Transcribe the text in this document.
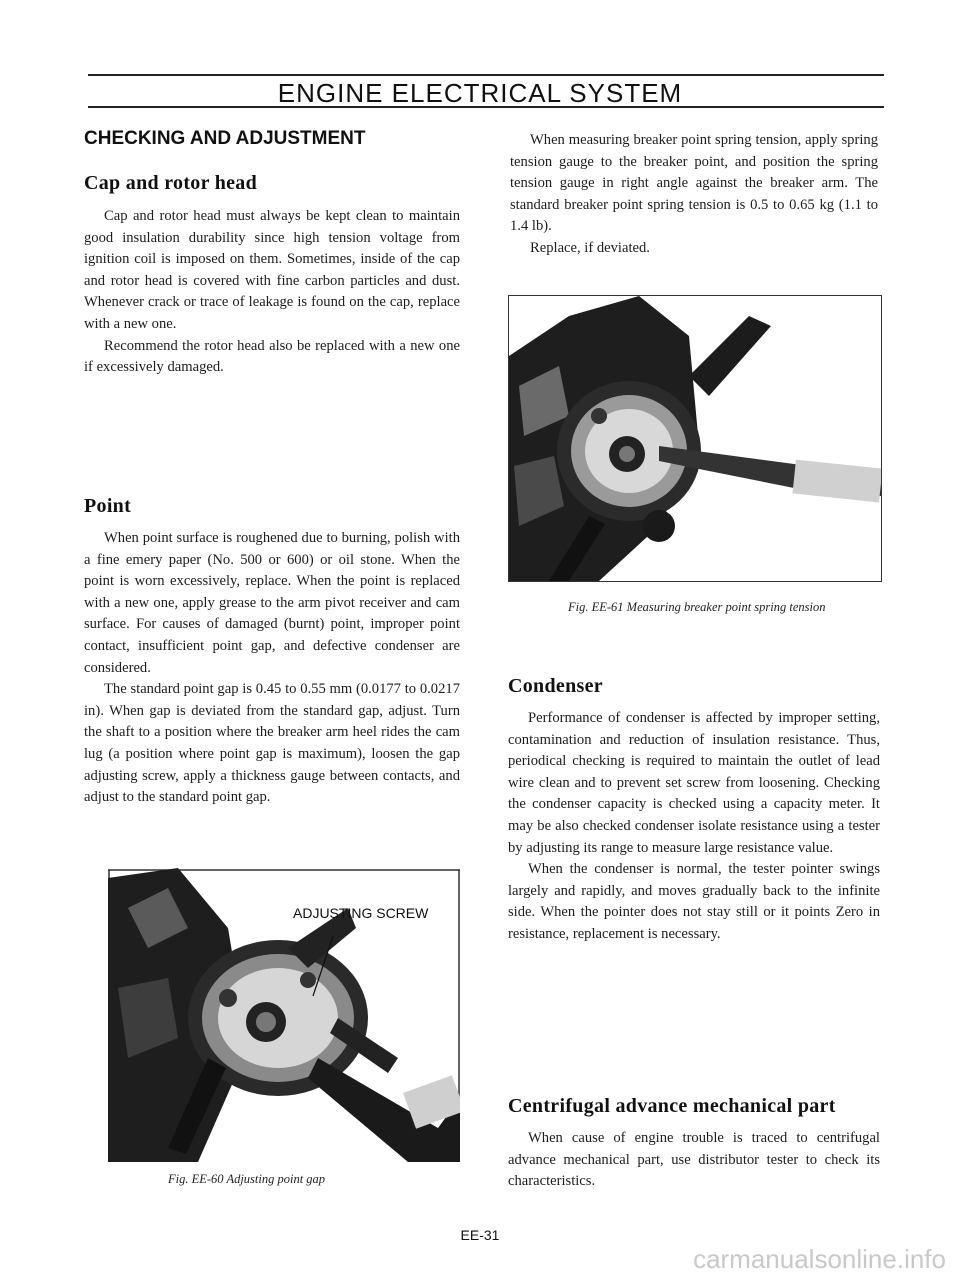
ENGINE ELECTRICAL SYSTEM
CHECKING AND ADJUSTMENT
Cap and rotor head

Cap and rotor head must always be kept clean to maintain good insulation durability since high tension voltage from ignition coil is imposed on them. Sometimes, inside of the cap and rotor head is covered with fine carbon particles and dust. Whenever crack or trace of leakage is found on the cap, replace with a new one.

Recommend the rotor head also be replaced with a new one if excessively damaged.

Point

When point surface is roughened due to burning, polish with a fine emery paper (No. 500 or 600) or oil stone. When the point is worn excessively, replace. When the point is replaced with a new one, apply grease to the arm pivot receiver and cam surface. For causes of damaged (burnt) point, improper point contact, insufficient point gap, and defective condenser are considered.

The standard point gap is 0.45 to 0.55 mm (0.0177 to 0.0217 in). When gap is deviated from the standard gap, adjust. Turn the shaft to a position where the breaker arm heel rides the cam lug (a position where point gap is maximum), loosen the gap adjusting screw, apply a thickness gauge between contacts, and adjust to the standard point gap.

ADJUSTING SCREW
Fig. EE-60 Adjusting point gap

When measuring breaker point spring tension, apply spring tension gauge to the breaker point, and position the spring tension gauge in right angle against the breaker arm. The standard breaker point spring tension is 0.5 to 0.65 kg (1.1 to 1.4 lb).

Replace, if deviated.

Fig. EE-61 Measuring breaker point spring tension
Condenser

Performance of condenser is affected by improper setting, contamination and reduction of insulation resistance. Thus, periodical checking is required to maintain the outlet of lead wire clean and to prevent set screw from loosening. Checking the condenser capacity is checked using a capacity meter. It may be also checked condenser isolate resistance using a tester by adjusting its range to measure large resistance value.

When the condenser is normal, the tester pointer swings largely and rapidly, and moves gradually back to the infinite side. When the pointer does not stay still or it points Zero in resistance, replacement is necessary.

Centrifugal advance mechanical part

When cause of engine trouble is traced to centrifugal advance mechanical part, use distributor tester to check its characteristics.

EE-31
carmanualsonline.info
